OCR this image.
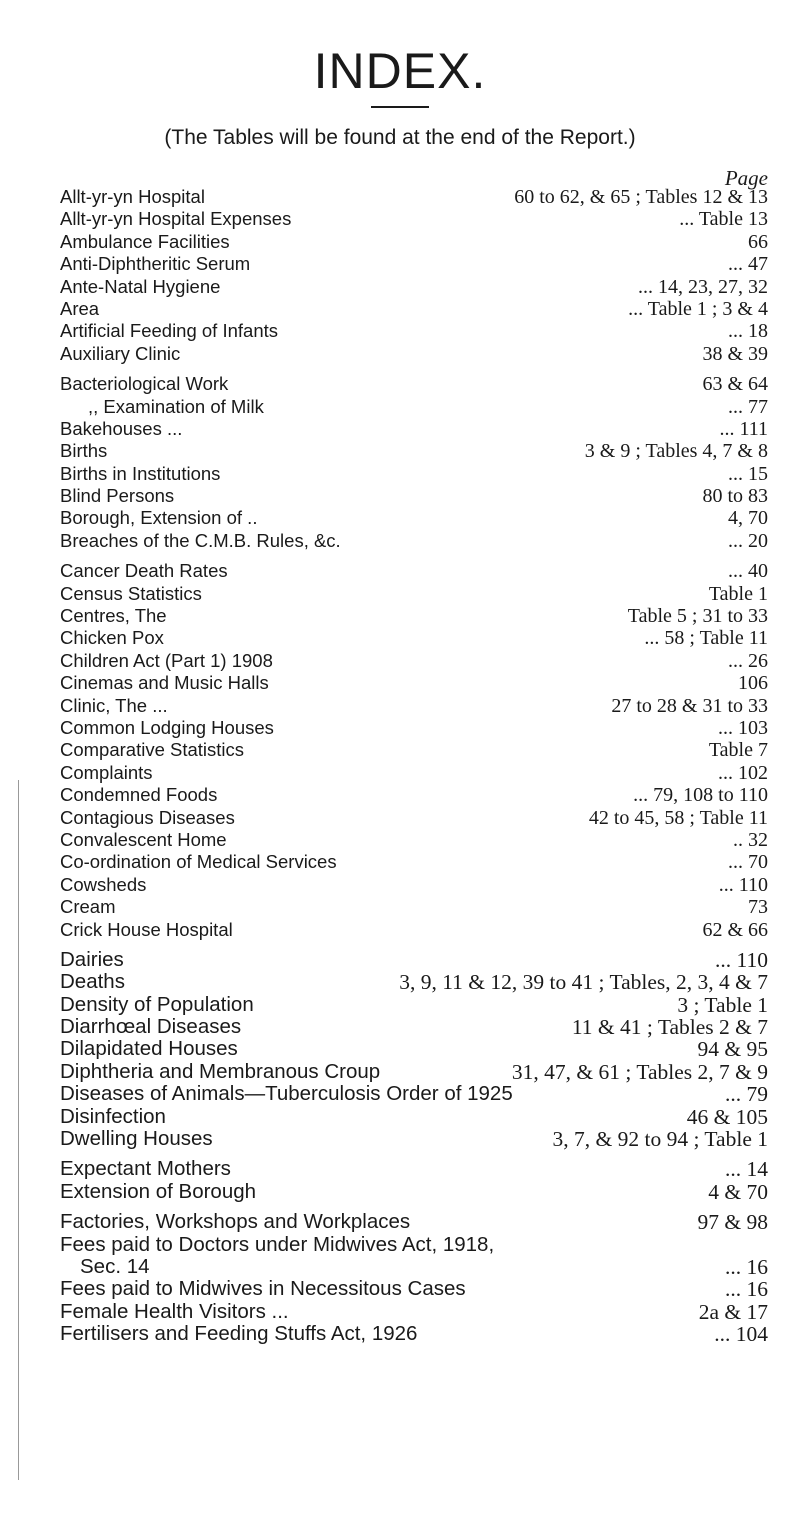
INDEX.
(The Tables will be found at the end of the Report.)
Page
Allt-yr-yn Hospital	60 to 62, & 65 ; Tables 12 & 13
Allt-yr-yn Hospital Expenses	... Table 13
Ambulance Facilities	66
Anti-Diphtheritic Serum	... 47
Ante-Natal Hygiene	... 14, 23, 27, 32
Area	... Table 1 ; 3 & 4
Artificial Feeding of Infants	... 18
Auxiliary Clinic	38 & 39
Bacteriological Work	63 & 64
,, Examination of Milk	... 77
Bakehouses ...	... 111
Births	3 & 9 ; Tables 4, 7 & 8
Births in Institutions	... 15
Blind Persons	80 to 83
Borough, Extension of ..	4, 70
Breaches of the C.M.B. Rules, &c.	... 20
Cancer Death Rates	... 40
Census Statistics	Table 1
Centres, The	Table 5 ; 31 to 33
Chicken Pox	... 58 ; Table 11
Children Act (Part 1) 1908	... 26
Cinemas and Music Halls	106
Clinic, The ...	27 to 28 & 31 to 33
Common Lodging Houses	... 103
Comparative Statistics	Table 7
Complaints	... 102
Condemned Foods	... 79, 108 to 110
Contagious Diseases	42 to 45, 58 ; Table 11
Convalescent Home	.. 32
Co-ordination of Medical Services	... 70
Cowsheds	... 110
Cream	73
Crick House Hospital	62 & 66
Dairies	... 110
Deaths	3, 9, 11 & 12, 39 to 41 ; Tables, 2, 3, 4 & 7
Density of Population	3 ; Table 1
Diarrhœal Diseases	11 & 41 ; Tables 2 & 7
Dilapidated Houses	94 & 95
Diphtheria and Membranous Croup	31, 47, & 61 ; Tables 2, 7 & 9
Diseases of Animals—Tuberculosis Order of 1925	... 79
Disinfection	46 & 105
Dwelling Houses	3, 7, & 92 to 94 ; Table 1
Expectant Mothers	... 14
Extension of Borough	4 & 70
Factories, Workshops and Workplaces	97 & 98
Fees paid to Doctors under Midwives Act, 1918,
Sec. 14	... 16
Fees paid to Midwives in Necessitous Cases	... 16
Female Health Visitors ...	2a & 17
Fertilisers and Feeding Stuffs Act, 1926	... 104
